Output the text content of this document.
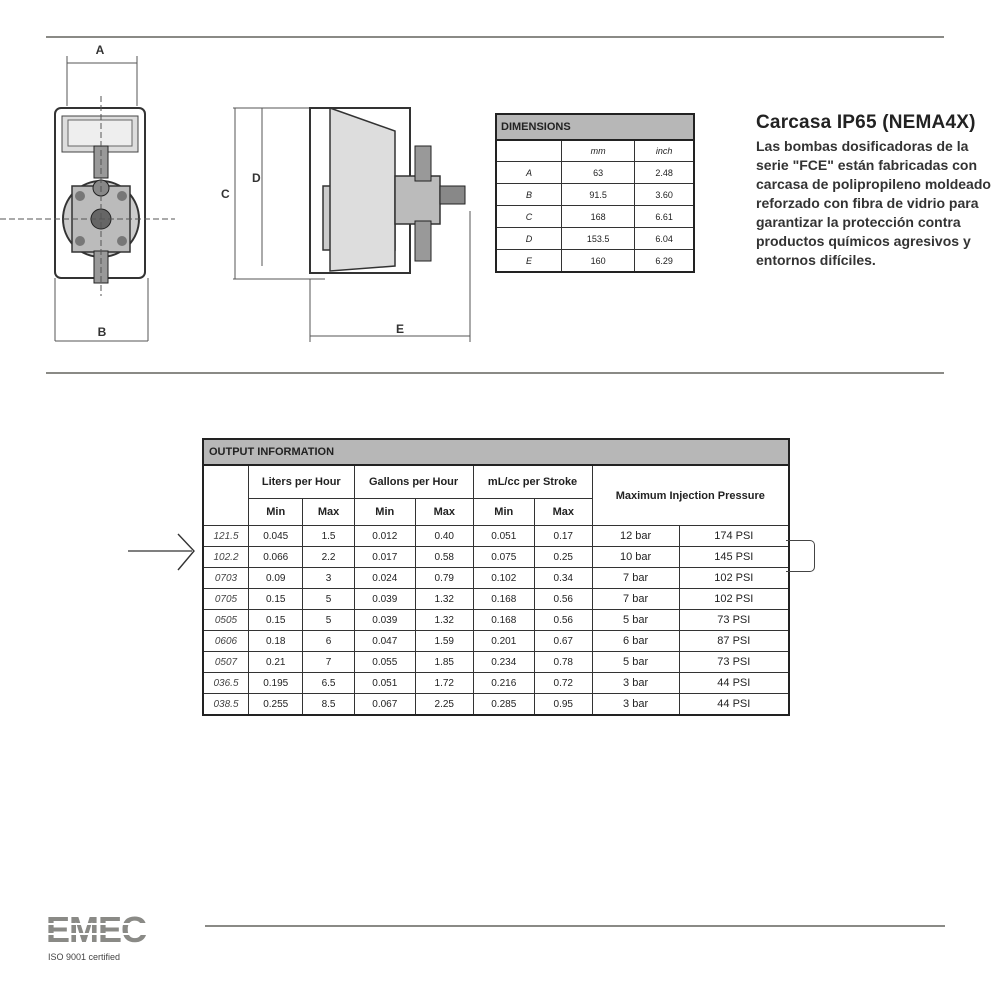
A
B
C
D
E
DIMENSIONS		
	mm	inch
A	63	2.48
B	91.5	3.60
C	168	6.61
D	153.5	6.04
E	160	6.29
Carcasa IP65 (NEMA4X)
Las bombas dosificadoras de la serie "FCE" están fabricadas con carcasa de polipropileno moldeado reforzado con fibra de vidrio para garantizar la protección contra productos químicos agresivos y entornos difíciles.
OUTPUT INFORMATION								
	Liters per Hour		Gallons per Hour		mL/cc per Stroke		Maximum Injection Pressure	
	Min	Max	Min	Max	Min	Max		
121.5	0.045	1.5	0.012	0.40	0.051	0.17	12 bar	174 PSI
102.2	0.066	2.2	0.017	0.58	0.075	0.25	10 bar	145 PSI
0703	0.09	3	0.024	0.79	0.102	0.34	7 bar	102 PSI
0705	0.15	5	0.039	1.32	0.168	0.56	7 bar	102 PSI
0505	0.15	5	0.039	1.32	0.168	0.56	5 bar	73 PSI
0606	0.18	6	0.047	1.59	0.201	0.67	6 bar	87 PSI
0507	0.21	7	0.055	1.85	0.234	0.78	5 bar	73 PSI
036.5	0.195	6.5	0.051	1.72	0.216	0.72	3 bar	44 PSI
038.5	0.255	8.5	0.067	2.25	0.285	0.95	3 bar	44 PSI
EMEC
ISO 9001 certified
